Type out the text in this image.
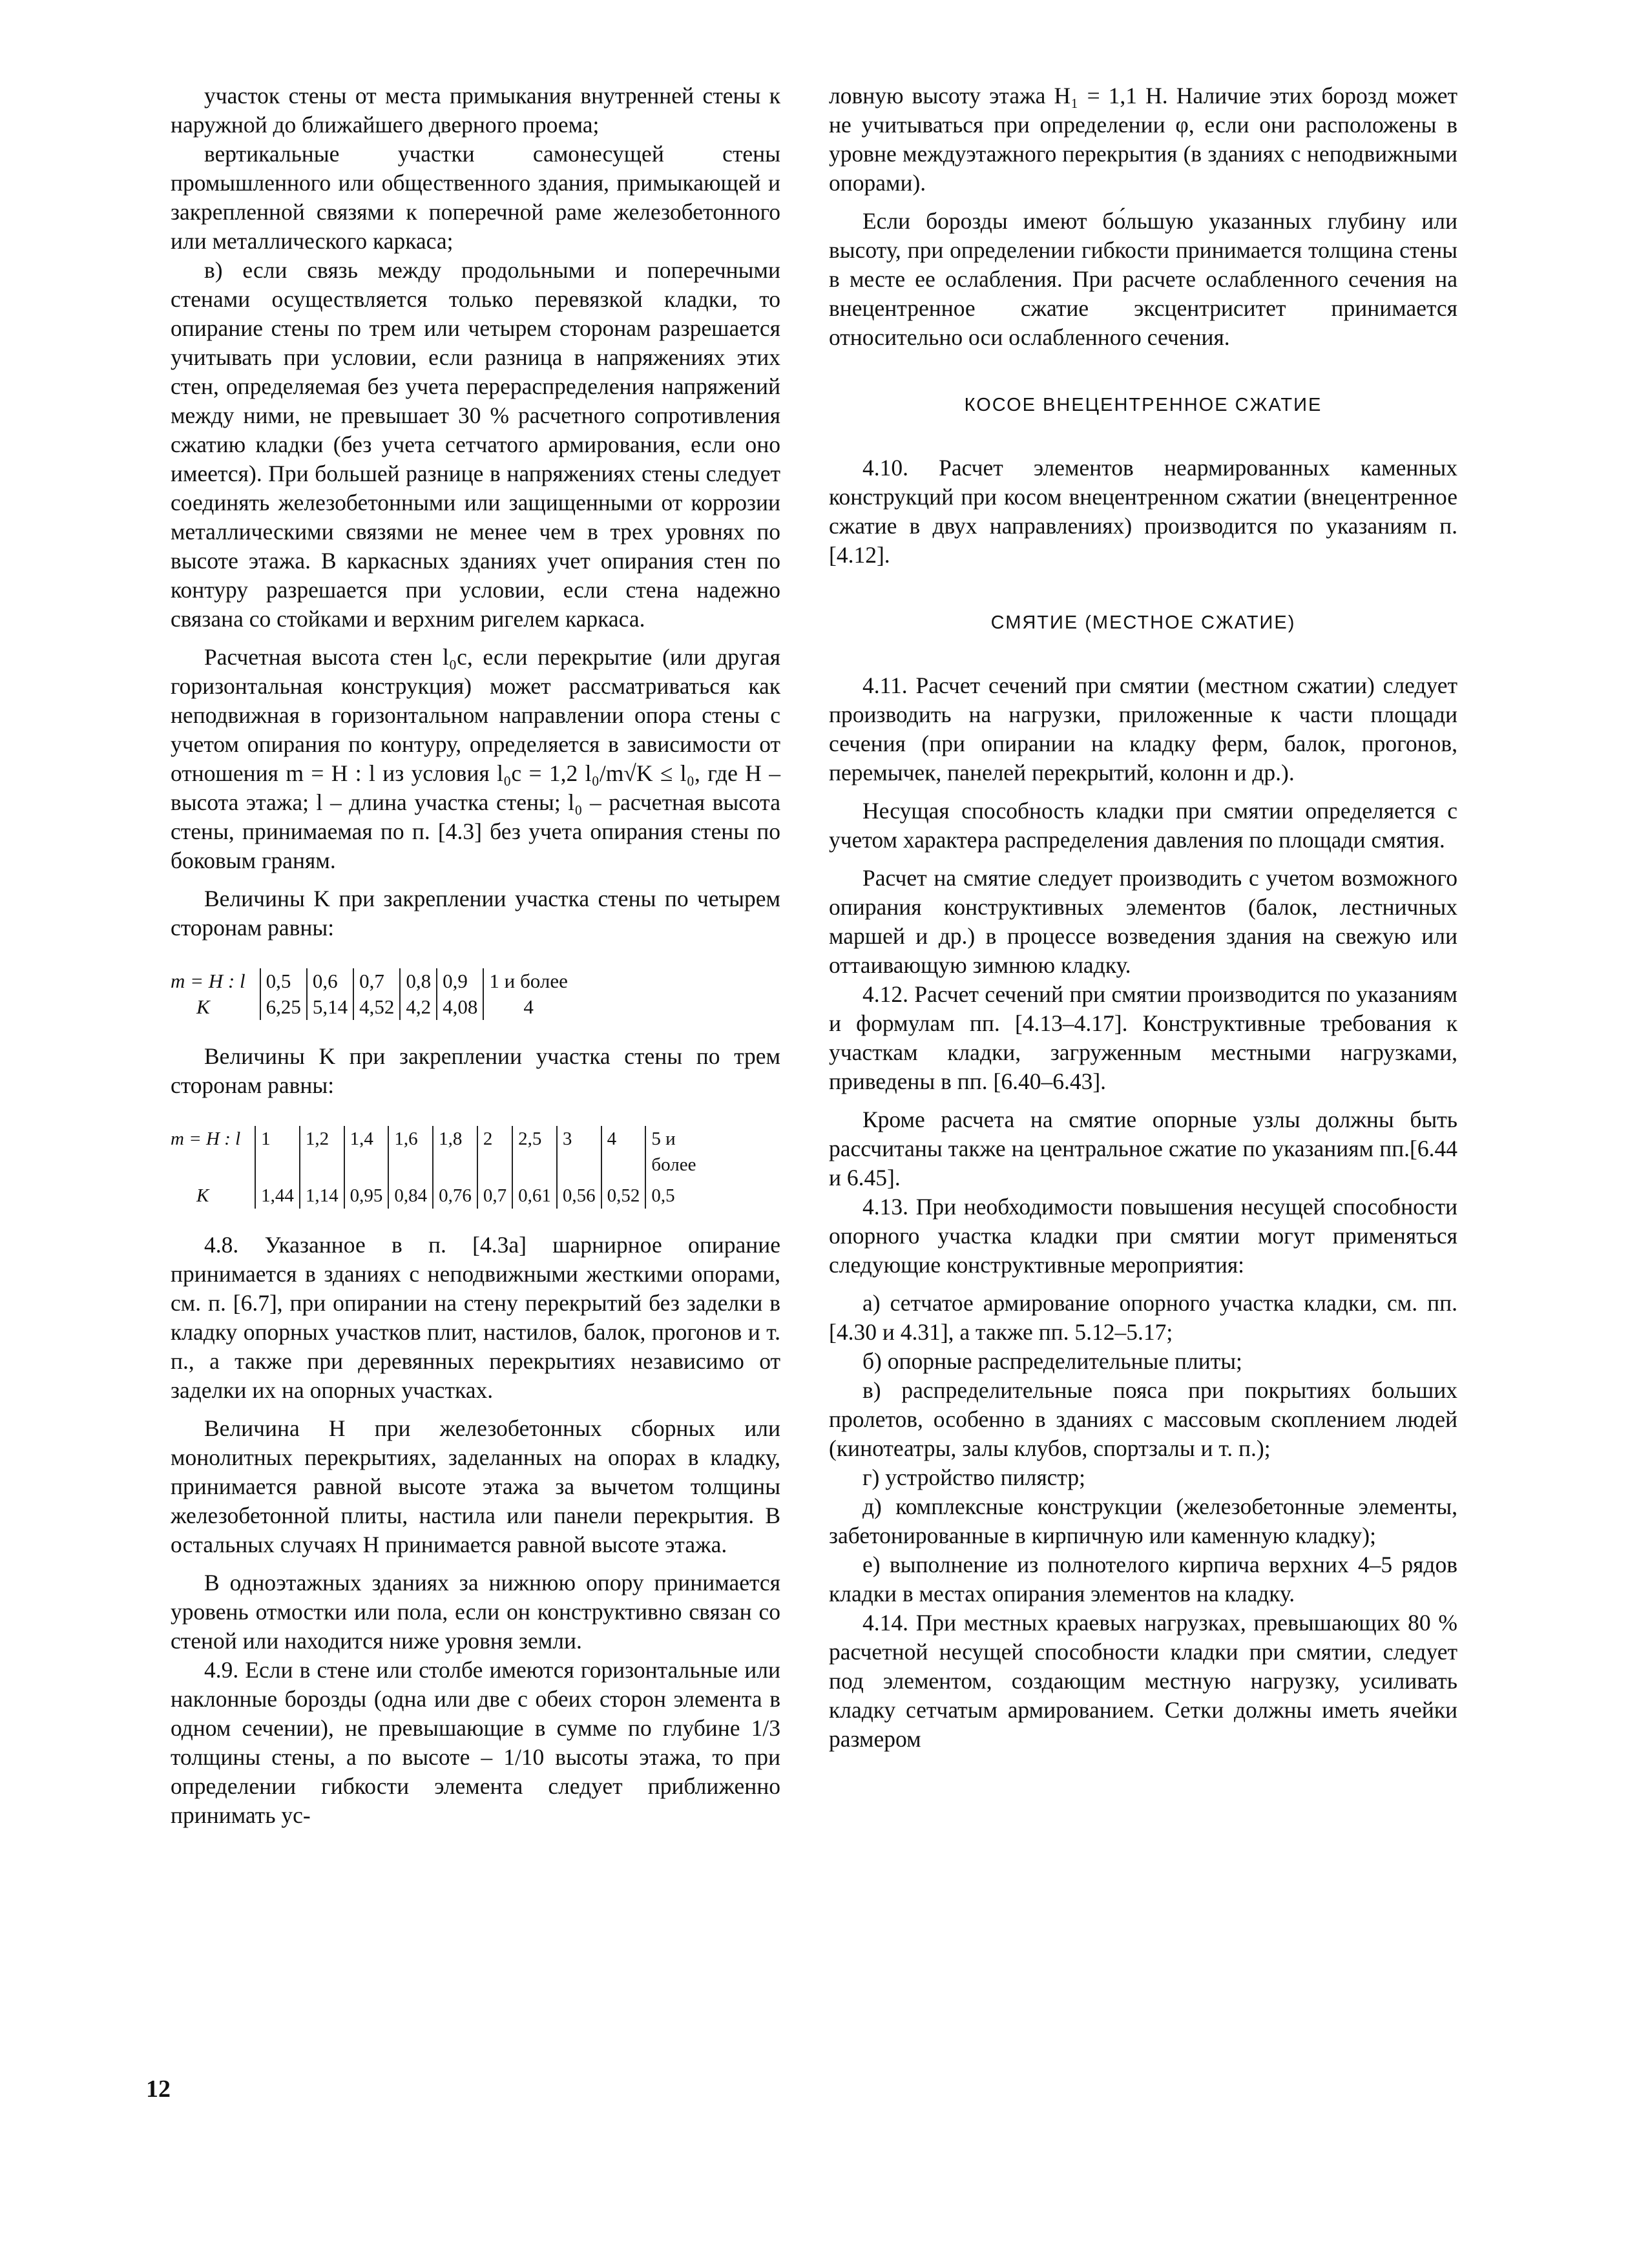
участок стены от места примыкания внутренней стены к наружной до ближайшего дверного проема;

вертикальные участки самонесущей стены промышленного или общественного здания, примыкающей и закрепленной связями к поперечной раме железобетонного или металлического каркаса;

в) если связь между продольными и поперечными стенами осуществляется только перевязкой кладки, то опирание стены по трем или четырем сторонам разрешается учитывать при условии, если разница в напряжениях этих стен, определяемая без учета перераспределения напряжений между ними, не превышает 30 % расчетного сопротивления сжатию кладки (без учета сетчатого армирования, если оно имеется). При большей разнице в напряжениях стены следует соединять железобетонными или защищенными от коррозии металлическими связями не менее чем в трех уровнях по высоте этажа. В каркасных зданиях учет опирания стен по контуру разрешается при условии, если стена надежно связана со стойками и верхним ригелем каркаса.

Расчетная высота стен l₀c, если перекрытие (или другая горизонтальная конструкция) может рассматриваться как неподвижная в горизонтальном направлении опора стены с учетом опирания по контуру, определяется в зависимости от отношения m = H : l из условия l₀c = 1,2 l₀/m√K ≤ l₀, где H – высота этажа; l – длина участка стены; l₀ – расчетная высота стены, принимаемая по п. [4.3] без учета опирания стены по боковым граням.

Величины K при закреплении участка стены по четырем сторонам равны:

m = H : l	0,5	0,6	0,7	0,8	0,9	1 и более
K	6,25	5,14	4,52	4,2	4,08	4

Величины K при закреплении участка стены по трем сторонам равны:

m = H : l	1	1,2	1,4	1,6	1,8	2	2,5	3	4	5 и более
K	1,44	1,14	0,95	0,84	0,76	0,7	0,61	0,56	0,52	0,5

4.8. Указанное в п. [4.3а] шарнирное опирание принимается в зданиях с неподвижными жесткими опорами, см. п. [6.7], при опирании на стену перекрытий без заделки в кладку опорных участков плит, настилов, балок, прогонов и т. п., а также при деревянных перекрытиях независимо от заделки их на опорных участках.

Величина H при железобетонных сборных или монолитных перекрытиях, заделанных на опорах в кладку, принимается равной высоте этажа за вычетом толщины железобетонной плиты, настила или панели перекрытия. В остальных случаях H принимается равной высоте этажа.

В одноэтажных зданиях за нижнюю опору принимается уровень отмостки или пола, если он конструктивно связан со стеной или находится ниже уровня земли.

4.9. Если в стене или столбе имеются горизонтальные или наклонные борозды (одна или две с обеих сторон элемента в одном сечении), не превышающие в сумме по глубине 1/3 толщины стены, а по высоте – 1/10 высоты этажа, то при определении гибкости элемента следует приближенно принимать ус-

ловную высоту этажа H₁ = 1,1 H. Наличие этих борозд может не учитываться при определении φ, если они расположены в уровне междуэтажного перекрытия (в зданиях с неподвижными опорами).

Если борозды имеют бо́льшую указанных глубину или высоту, при определении гибкости принимается толщина стены в месте ее ослабления. При расчете ослабленного сечения на внецентренное сжатие эксцентриситет принимается относительно оси ослабленного сечения.

КОСОЕ ВНЕЦЕНТРЕННОЕ СЖАТИЕ

4.10. Расчет элементов неармированных каменных конструкций при косом внецентренном сжатии (внецентренное сжатие в двух направлениях) производится по указаниям п. [4.12].

СМЯТИЕ (МЕСТНОЕ СЖАТИЕ)

4.11. Расчет сечений при смятии (местном сжатии) следует производить на нагрузки, приложенные к части площади сечения (при опирании на кладку ферм, балок, прогонов, перемычек, панелей перекрытий, колонн и др.).

Несущая способность кладки при смятии определяется с учетом характера распределения давления по площади смятия.

Расчет на смятие следует производить с учетом возможного опирания конструктивных элементов (балок, лестничных маршей и др.) в процессе возведения здания на свежую или оттаивающую зимнюю кладку.

4.12. Расчет сечений при смятии производится по указаниям и формулам пп. [4.13–4.17]. Конструктивные требования к участкам кладки, загруженным местными нагрузками, приведены в пп. [6.40–6.43].

Кроме расчета на смятие опорные узлы должны быть рассчитаны также на центральное сжатие по указаниям пп.[6.44 и 6.45].

4.13. При необходимости повышения несущей способности опорного участка кладки при смятии могут применяться следующие конструктивные мероприятия:

а) сетчатое армирование опорного участка кладки, см. пп. [4.30 и 4.31], а также пп. 5.12–5.17;

б) опорные распределительные плиты;

в) распределительные пояса при покрытиях больших пролетов, особенно в зданиях с массовым скоплением людей (кинотеатры, залы клубов, спортзалы и т. п.);

г) устройство пилястр;

д) комплексные конструкции (железобетонные элементы, забетонированные в кирпичную или каменную кладку);

е) выполнение из полнотелого кирпича верхних 4–5 рядов кладки в местах опирания элементов на кладку.

4.14. При местных краевых нагрузках, превышающих 80 % расчетной несущей способности кладки при смятии, следует под элементом, создающим местную нагрузку, усиливать кладку сетчатым армированием. Сетки должны иметь ячейки размером

12
